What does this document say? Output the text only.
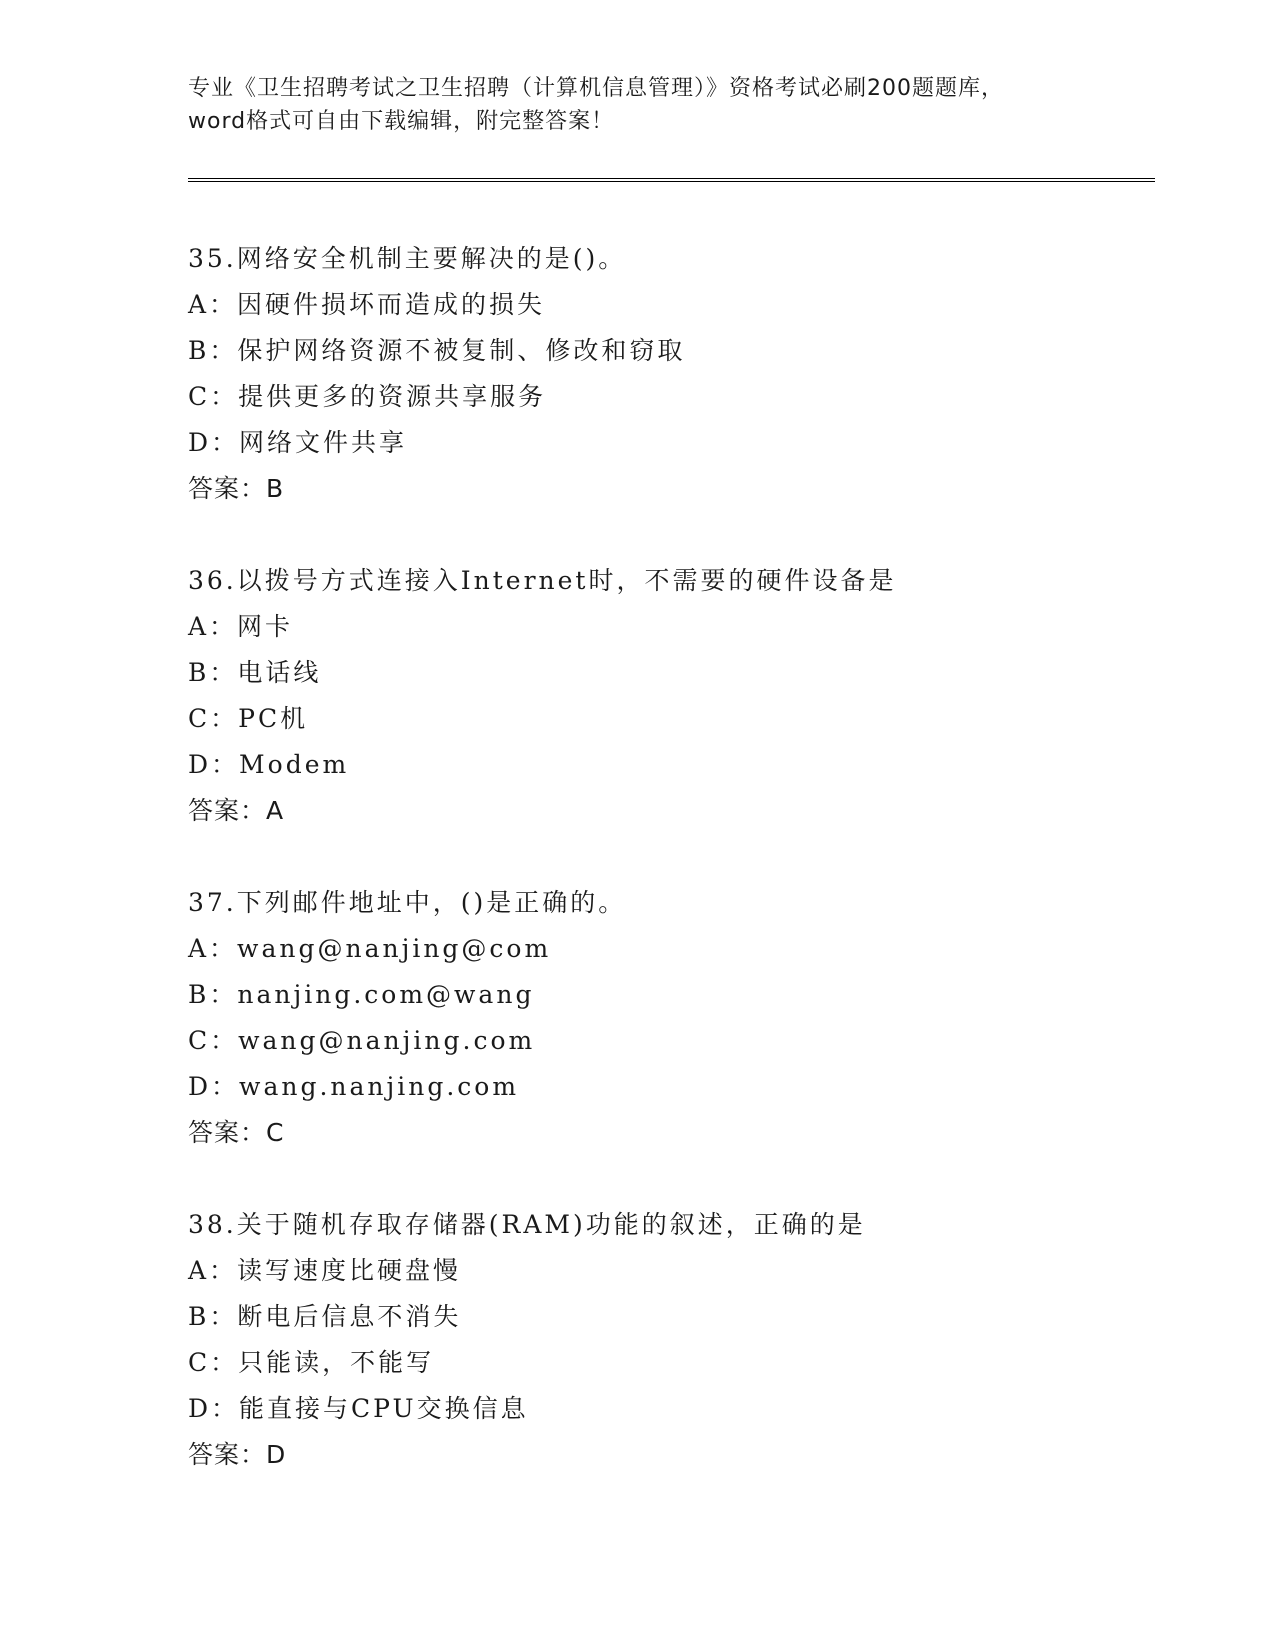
专业《卫生招聘考试之卫生招聘（计算机信息管理）》资格考试必刷200题题库，
word格式可自由下载编辑，附完整答案！
35.网络安全机制主要解决的是()。
A：因硬件损坏而造成的损失
B：保护网络资源不被复制、修改和窃取
C：提供更多的资源共享服务
D：网络文件共享
答案：B
36.以拨号方式连接入Internet时，不需要的硬件设备是
A：网卡
B：电话线
C：PC机
D：Modem
答案：A
37.下列邮件地址中，()是正确的。
A：wang@nanjing@com
B：nanjing.com@wang
C：wang@nanjing.com
D：wang.nanjing.com
答案：C
38.关于随机存取存储器(RAM)功能的叙述，正确的是
A：读写速度比硬盘慢
B：断电后信息不消失
C：只能读，不能写
D：能直接与CPU交换信息
答案：D
